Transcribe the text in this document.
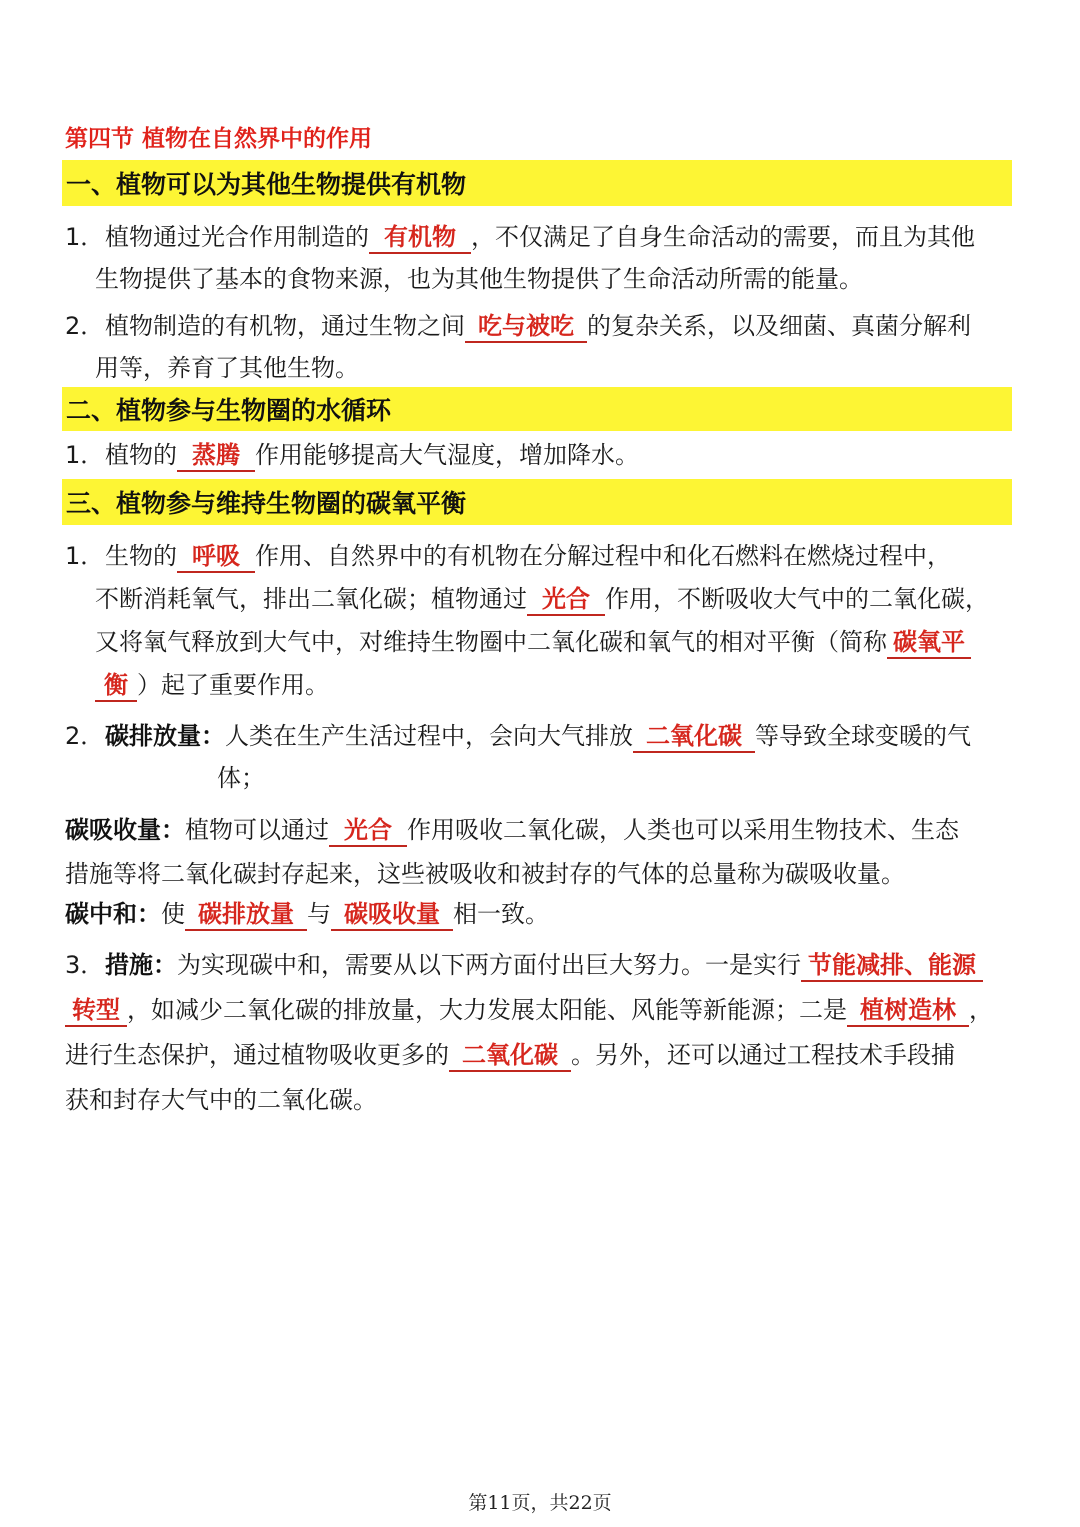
第四节 植物在自然界中的作用
一、植物可以为其他生物提供有机物
1．植物通过光合作用制造的 有机物 ，不仅满足了自身生命活动的需要，而且为其他
生物提供了基本的食物来源，也为其他生物提供了生命活动所需的能量。
2．植物制造的有机物，通过生物之间 吃与被吃 的复杂关系，以及细菌、真菌分解利
用等，养育了其他生物。
二、植物参与生物圈的水循环
1．植物的 蒸腾 作用能够提高大气湿度，增加降水。
三、植物参与维持生物圈的碳氧平衡
1．生物的 呼吸 作用、自然界中的有机物在分解过程中和化石燃料在燃烧过程中，
不断消耗氧气，排出二氧化碳；植物通过 光合 作用，不断吸收大气中的二氧化碳，
又将氧气释放到大气中，对维持生物圈中二氧化碳和氧气的相对平衡（简称 碳氧平
衡 ）起了重要作用。
2．碳排放量：人类在生产生活过程中，会向大气排放 二氧化碳 等导致全球变暖的气
体；
碳吸收量：植物可以通过 光合 作用吸收二氧化碳，人类也可以采用生物技术、生态
措施等将二氧化碳封存起来，这些被吸收和被封存的气体的总量称为碳吸收量。
碳中和：使 碳排放量 与 碳吸收量 相一致。
3．措施：为实现碳中和，需要从以下两方面付出巨大努力。一是实行 节能减排、能源
转型 ，如减少二氧化碳的排放量，大力发展太阳能、风能等新能源；二是 植树造林 ，
进行生态保护，通过植物吸收更多的 二氧化碳 。另外，还可以通过工程技术手段捕
获和封存大气中的二氧化碳。
第11页，共22页
